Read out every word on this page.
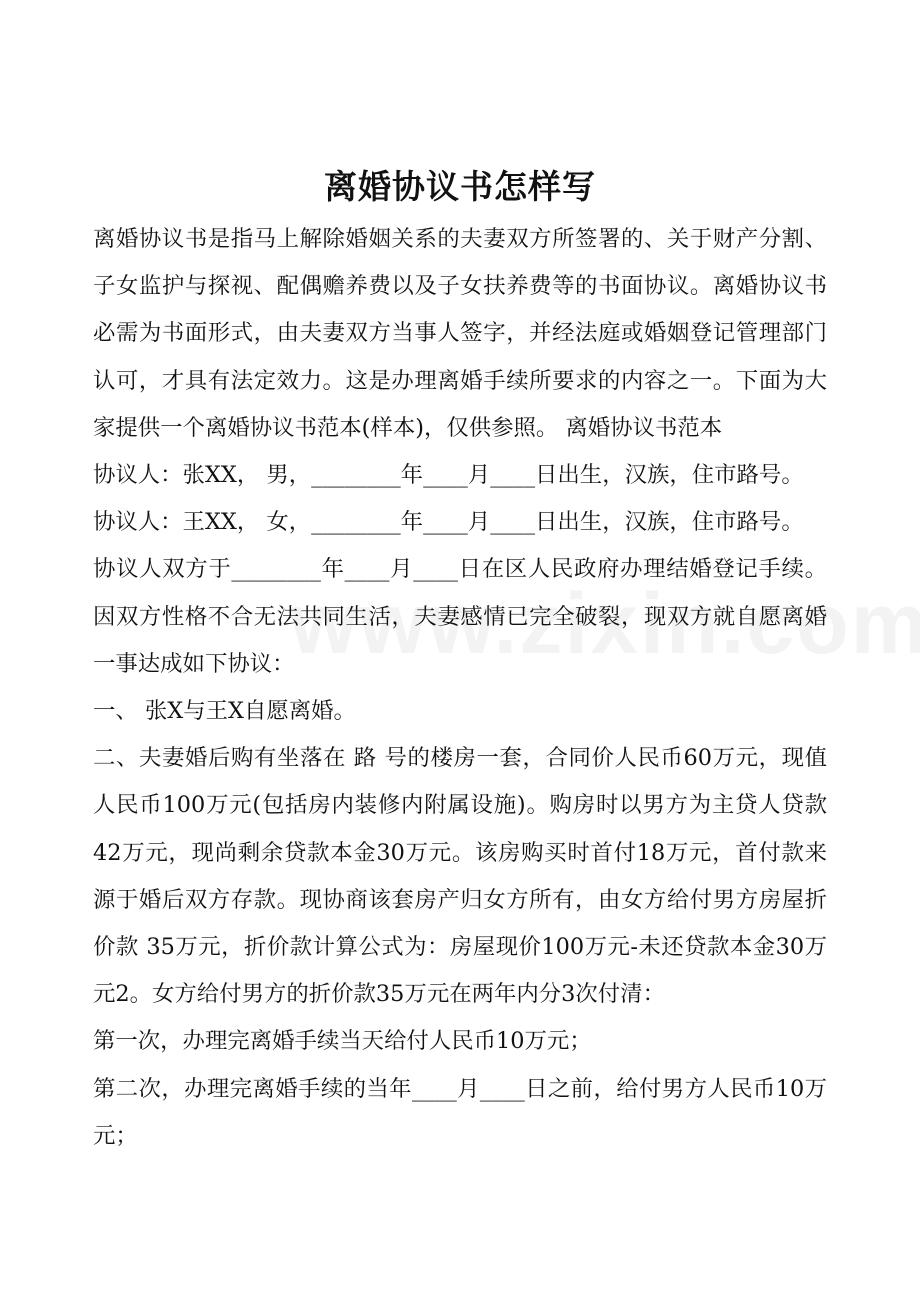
离婚协议书怎样写

离婚协议书是指马上解除婚姻关系的夫妻双方所签署的、关于财产分割、子女监护与探视、配偶赡养费以及子女扶养费等的书面协议。离婚协议书必需为书面形式，由夫妻双方当事人签字，并经法庭或婚姻登记管理部门认可，才具有法定效力。这是办理离婚手续所要求的内容之一。下面为大家提供一个离婚协议书范本(样本)，仅供参照。 离婚协议书范本

协议人：张XX， 男，________年____月____日出生，汉族，住市路号。

协议人：王XX， 女，________年____月____日出生，汉族，住市路号。

协议人双方于________年____月____日在区人民政府办理结婚登记手续。因双方性格不合无法共同生活，夫妻感情已完全破裂，现双方就自愿离婚一事达成如下协议：

一、 张X与王X自愿离婚。

二、夫妻婚后购有坐落在 路 号的楼房一套，合同价人民币60万元，现值人民币100万元(包括房内装修内附属设施)。购房时以男方为主贷人贷款42万元，现尚剩余贷款本金30万元。该房购买时首付18万元，首付款来源于婚后双方存款。现协商该套房产归女方所有，由女方给付男方房屋折价款 35万元，折价款计算公式为：房屋现价100万元-未还贷款本金30万元2。女方给付男方的折价款35万元在两年内分3次付清：

第一次，办理完离婚手续当天给付人民币10万元；

第二次，办理完离婚手续的当年____月____日之前，给付男方人民币10万元；
